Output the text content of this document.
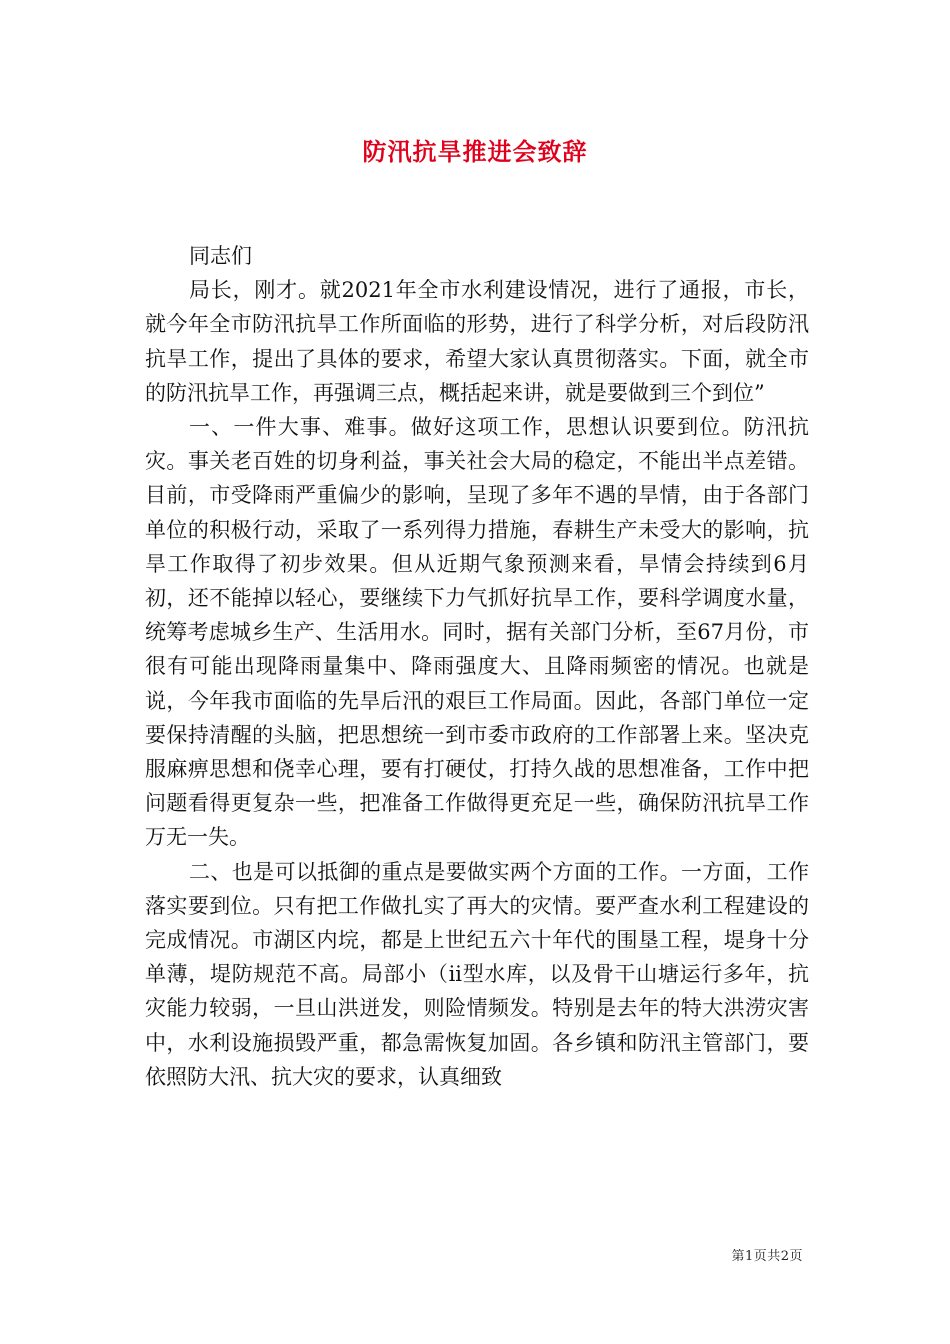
防汛抗旱推进会致辞

同志们

局长，刚才。就2021年全市水利建设情况，进行了通报，市长，就今年全市防汛抗旱工作所面临的形势，进行了科学分析，对后段防汛抗旱工作，提出了具体的要求，希望大家认真贯彻落实。下面，就全市的防汛抗旱工作，再强调三点，概括起来讲，就是要做到三个到位”

一、一件大事、难事。做好这项工作，思想认识要到位。防汛抗灾。事关老百姓的切身利益，事关社会大局的稳定，不能出半点差错。目前，市受降雨严重偏少的影响，呈现了多年不遇的旱情，由于各部门单位的积极行动，采取了一系列得力措施，春耕生产未受大的影响，抗旱工作取得了初步效果。但从近期气象预测来看，旱情会持续到6月初，还不能掉以轻心，要继续下力气抓好抗旱工作，要科学调度水量，统筹考虑城乡生产、生活用水。同时，据有关部门分析，至67月份，市很有可能出现降雨量集中、降雨强度大、且降雨频密的情况。也就是说，今年我市面临的先旱后汛的艰巨工作局面。因此，各部门单位一定要保持清醒的头脑，把思想统一到市委市政府的工作部署上来。坚决克服麻痹思想和侥幸心理，要有打硬仗，打持久战的思想准备，工作中把问题看得更复杂一些，把准备工作做得更充足一些，确保防汛抗旱工作万无一失。

二、也是可以抵御的重点是要做实两个方面的工作。一方面，工作落实要到位。只有把工作做扎实了再大的灾情。要严查水利工程建设的完成情况。市湖区内垸，都是上世纪五六十年代的围垦工程，堤身十分单薄，堤防规范不高。局部小（ii型水库，以及骨干山塘运行多年，抗灾能力较弱，一旦山洪迸发，则险情频发。特别是去年的特大洪涝灾害中，水利设施损毁严重，都急需恢复加固。各乡镇和防汛主管部门，要依照防大汛、抗大灾的要求，认真细致

第1页共2页
